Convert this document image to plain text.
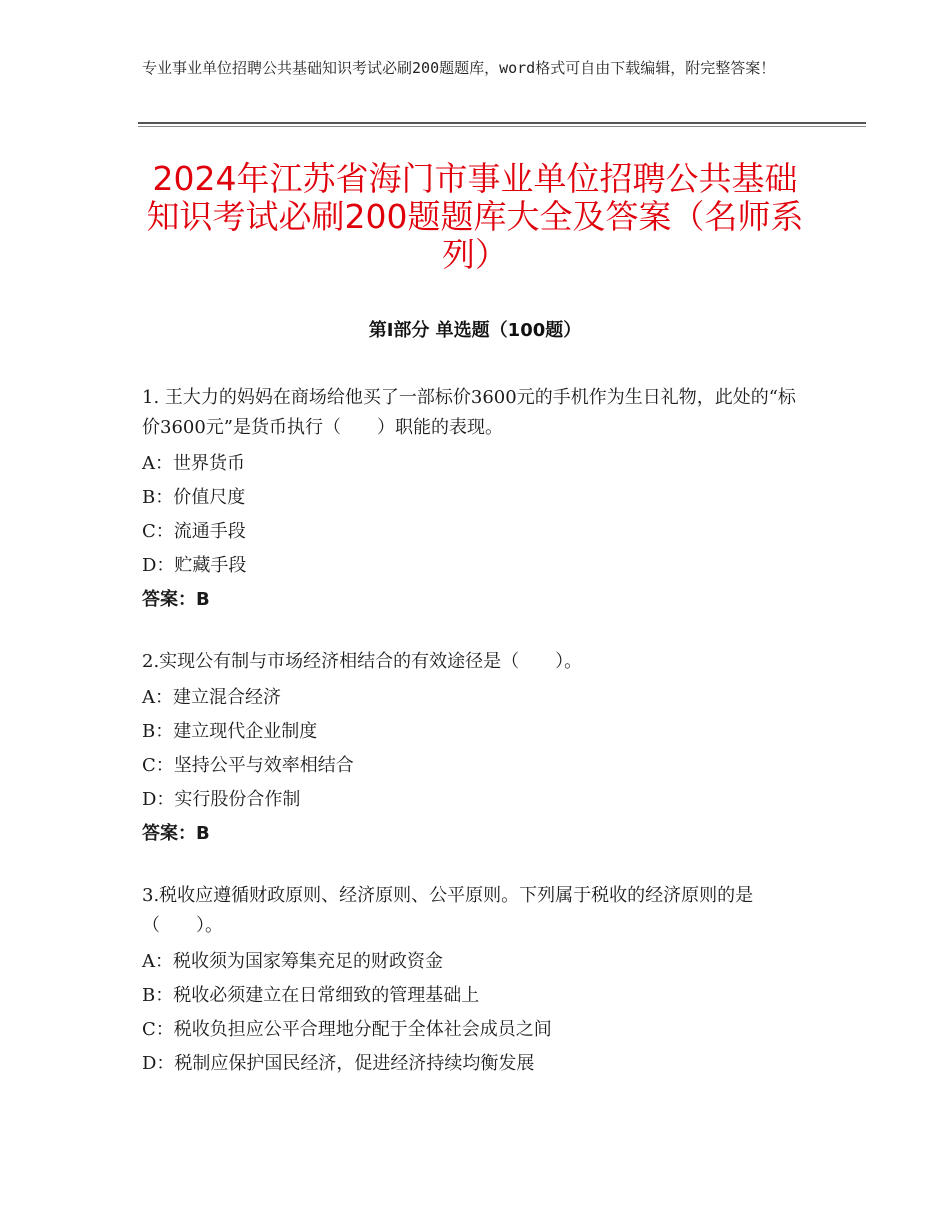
专业事业单位招聘公共基础知识考试必刷200题题库，word格式可自由下载编辑，附完整答案！
2024年江苏省海门市事业单位招聘公共基础知识考试必刷200题题库大全及答案（名师系列）
第Ⅰ部分 单选题（100题）

1. 王大力的妈妈在商场给他买了一部标价3600元的手机作为生日礼物，此处的“标价3600元”是货币执行（　　）职能的表现。

A：世界货币

B：价值尺度

C：流通手段

D：贮藏手段

答案：B

2.实现公有制与市场经济相结合的有效途径是（　　）。

A：建立混合经济

B：建立现代企业制度

C：坚持公平与效率相结合

D：实行股份合作制

答案：B

3.税收应遵循财政原则、经济原则、公平原则。下列属于税收的经济原则的是（　　）。

A：税收须为国家筹集充足的财政资金

B：税收必须建立在日常细致的管理基础上

C：税收负担应公平合理地分配于全体社会成员之间

D：税制应保护国民经济，促进经济持续均衡发展
